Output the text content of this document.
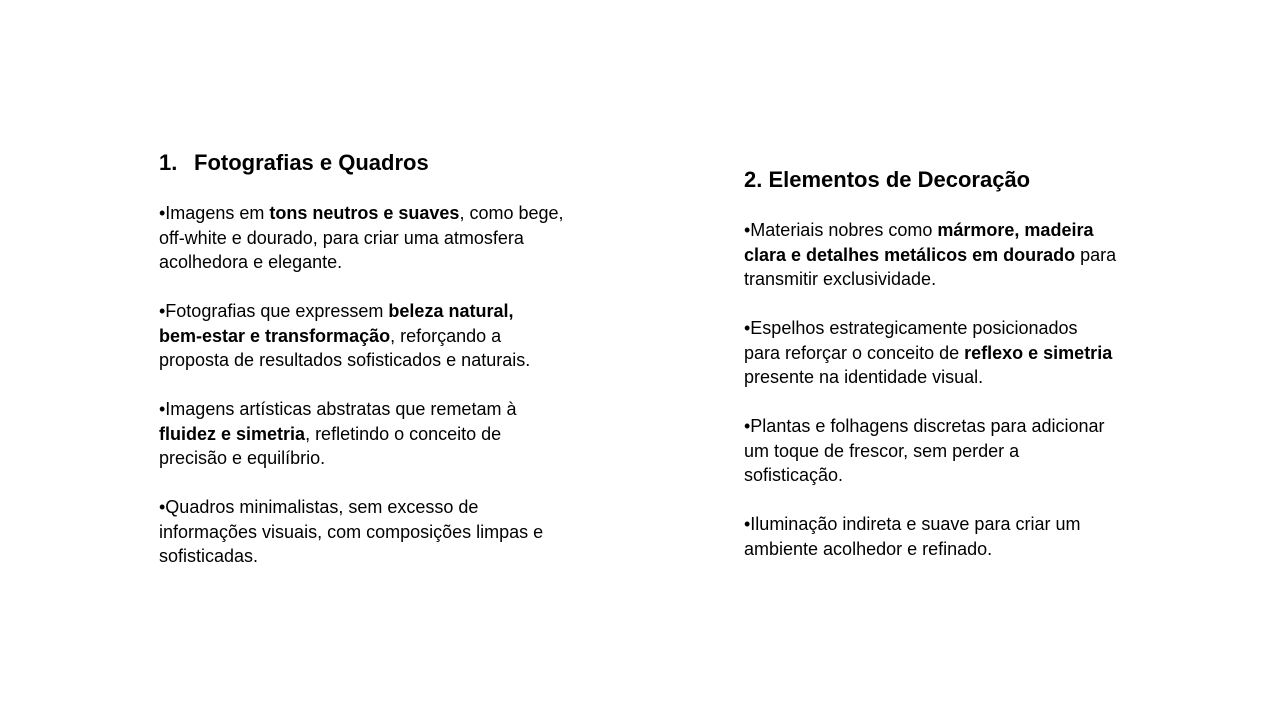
1. Fotografias e Quadros
•Imagens em tons neutros e suaves, como bege,
off-white e dourado, para criar uma atmosfera
acolhedora e elegante.
•Fotografias que expressem beleza natural,
bem-estar e transformação, reforçando a
proposta de resultados sofisticados e naturais.
•Imagens artísticas abstratas que remetam à
fluidez e simetria, refletindo o conceito de
precisão e equilíbrio.
•Quadros minimalistas, sem excesso de
informações visuais, com composições limpas e
sofisticadas.
2. Elementos de Decoração
•Materiais nobres como mármore, madeira
clara e detalhes metálicos em dourado para
transmitir exclusividade.
•Espelhos estrategicamente posicionados
para reforçar o conceito de reflexo e simetria
presente na identidade visual.
•Plantas e folhagens discretas para adicionar
um toque de frescor, sem perder a
sofisticação.
•Iluminação indireta e suave para criar um
ambiente acolhedor e refinado.
